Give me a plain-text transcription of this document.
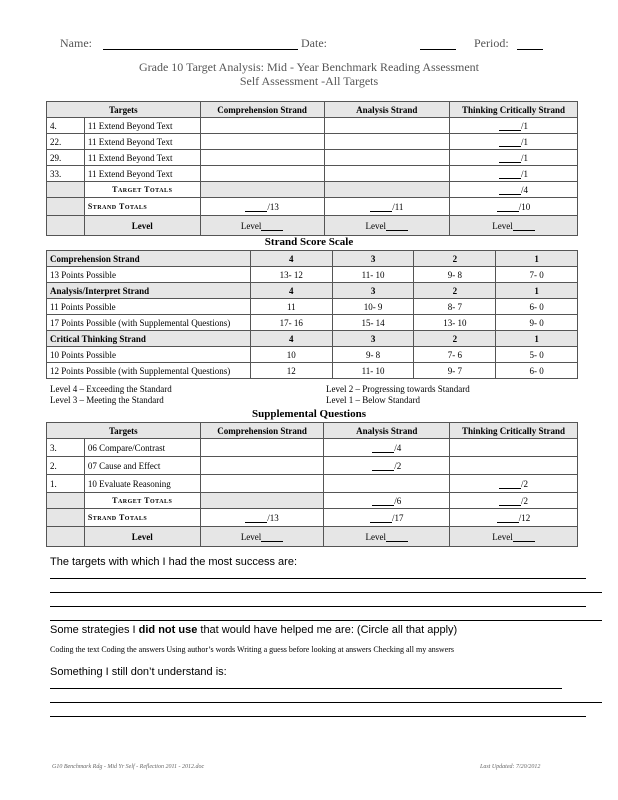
Name:	Date:	Period:
Grade 10 Target Analysis: Mid - Year Benchmark Reading Assessment
Self Assessment -All Targets
Targets		Comprehension Strand	Analysis Strand	Thinking Critically Strand
4.	11 Extend Beyond Text			/1
22.	11 Extend Beyond Text			/1
29.	11 Extend Beyond Text			/1
33.	11 Extend Beyond Text			/1
	Target Totals			/4
	Strand Totals	/13	/11	/10
	Level	Level	Level	Level
Strand Score Scale
Comprehension Strand	4	3	2	1
13 Points Possible	13- 12	11- 10	9- 8	7- 0
Analysis/Interpret Strand	4	3	2	1
11 Points Possible	11	10- 9	8- 7	6- 0
17 Points Possible (with Supplemental Questions)	17- 16	15- 14	13- 10	9- 0
Critical Thinking Strand	4	3	2	1
10 Points Possible	10	9- 8	7- 6	5- 0
12 Points Possible (with Supplemental Questions)	12	11- 10	9- 7	6- 0
Level 4 – Exceeding the Standard
Level 3 – Meeting the Standard
Level 2 – Progressing towards Standard
Level 1 – Below Standard
Supplemental Questions
Targets		Comprehension Strand	Analysis Strand	Thinking Critically Strand
3.	06 Compare/Contrast		/4	
2.	07 Cause and Effect		/2	
1.	10 Evaluate Reasoning			/2
	Target Totals		/6	/2
	Strand Totals	/13	/17	/12
	Level	Level	Level	Level
The targets with which I had the most success are:
Some strategies I did not use that would have helped me are: (Circle all that apply)
Coding the text Coding the answers Using author’s words Writing a guess before looking at answers Checking all my answers
Something I still don’t understand is:
G10 Benchmark Rdg - Mid Yr Self - Reflection 2011 - 2012.doc	Last Updated: 7/20/2012
